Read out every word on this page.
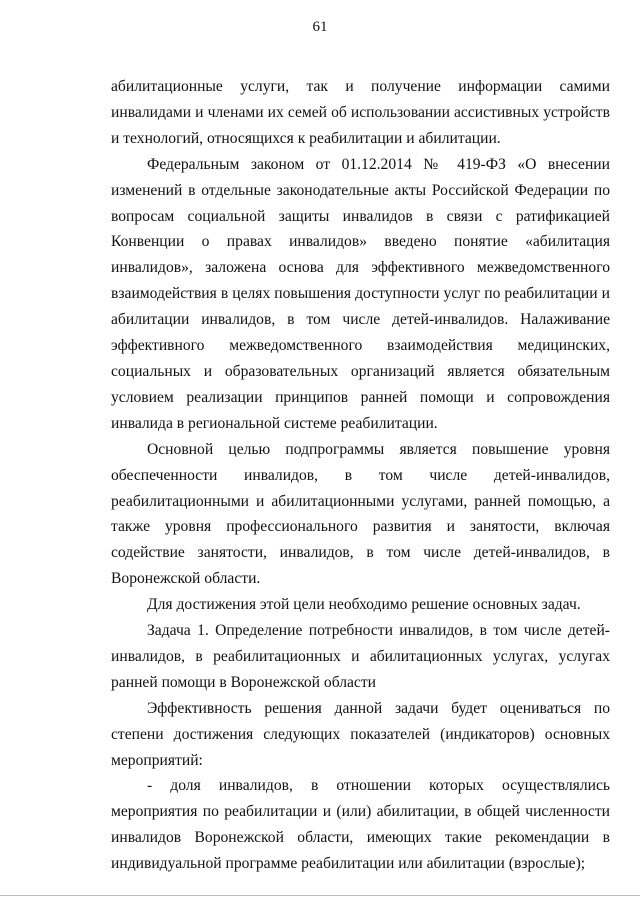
61

абилитационные услуги, так и получение информации самими инвалидами и членами их семей об использовании ассистивных устройств и технологий, относящихся к реабилитации и абилитации.

Федеральным законом от 01.12.2014 № 419-ФЗ «О внесении изменений в отдельные законодательные акты Российской Федерации по вопросам социальной защиты инвалидов в связи с ратификацией Конвенции о правах инвалидов» введено понятие «абилитация инвалидов», заложена основа для эффективного межведомственного взаимодействия в целях повышения доступности услуг по реабилитации и абилитации инвалидов, в том числе детей-инвалидов. Налаживание эффективного межведомственного взаимодействия медицинских, социальных и образовательных организаций является обязательным условием реализации принципов ранней помощи и сопровождения инвалида в региональной системе реабилитации.

Основной целью подпрограммы является повышение уровня обеспеченности инвалидов, в том числе детей-инвалидов, реабилитационными и абилитационными услугами, ранней помощью, а также уровня профессионального развития и занятости, включая содействие занятости, инвалидов, в том числе детей-инвалидов, в Воронежской области.

Для достижения этой цели необходимо решение основных задач.

Задача 1. Определение потребности инвалидов, в том числе детей-инвалидов, в реабилитационных и абилитационных услугах, услугах ранней помощи в Воронежской области

Эффективность решения данной задачи будет оцениваться по степени достижения следующих показателей (индикаторов) основных мероприятий:

- доля инвалидов, в отношении которых осуществлялись мероприятия по реабилитации и (или) абилитации, в общей численности инвалидов Воронежской области, имеющих такие рекомендации в индивидуальной программе реабилитации или абилитации (взрослые);
